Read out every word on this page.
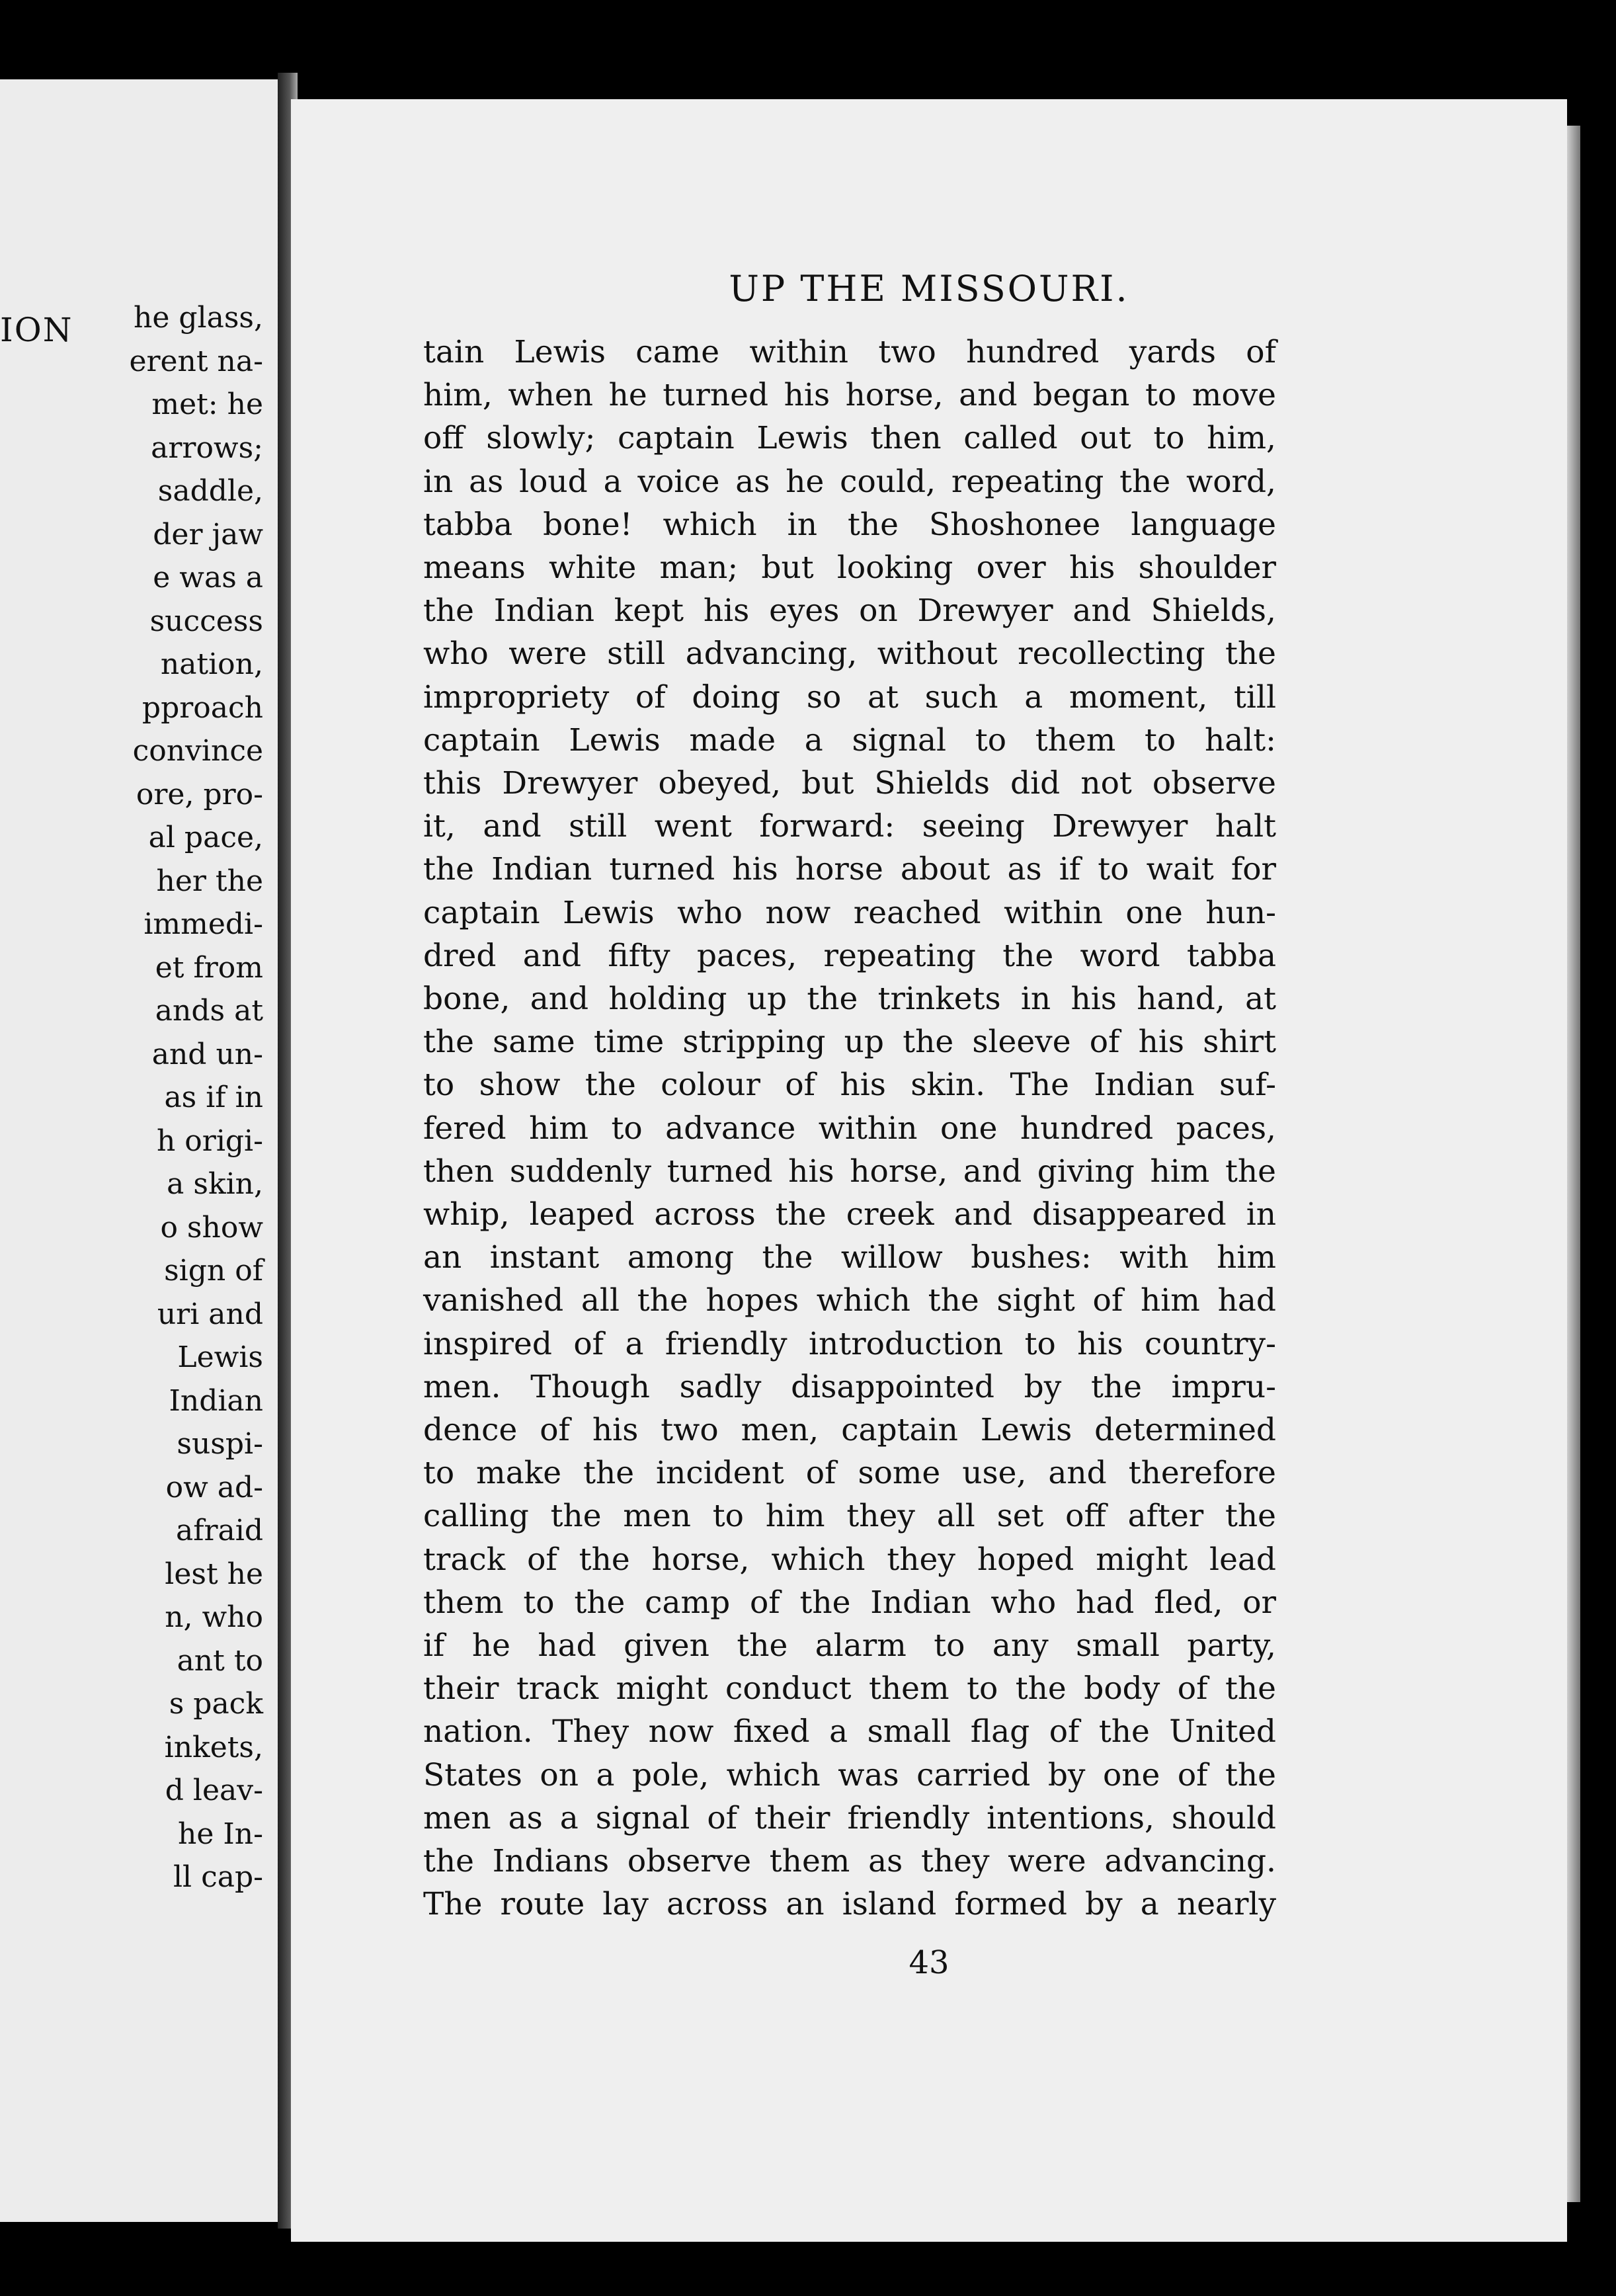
ION he glass,
erent na-
met: he
arrows;
saddle,
der jaw
e was a
success
nation,
pproach
convince
ore, pro-
al pace,
her the
immedi-
et from
ands at
and un-
as if in
h origi-
a skin,
o show
sign of
uri and
Lewis
Indian
suspi-
ow ad-
afraid
lest he
n, who
ant to
s pack
inkets,
d leav-
he In-
ll cap-
UP THE MISSOURI.
tain Lewis came within two hundred yards of
him, when he turned his horse, and began to move
off slowly; captain Lewis then called out to him,
in as loud a voice as he could, repeating the word,
tabba bone! which in the Shoshonee language
means white man; but looking over his shoulder
the Indian kept his eyes on Drewyer and Shields,
who were still advancing, without recollecting the
impropriety of doing so at such a moment, till
captain Lewis made a signal to them to halt:
this Drewyer obeyed, but Shields did not observe
it, and still went forward: seeing Drewyer halt
the Indian turned his horse about as if to wait for
captain Lewis who now reached within one hun-
dred and fifty paces, repeating the word tabba
bone, and holding up the trinkets in his hand, at
the same time stripping up the sleeve of his shirt
to show the colour of his skin. The Indian suf-
fered him to advance within one hundred paces,
then suddenly turned his horse, and giving him the
whip, leaped across the creek and disappeared in
an instant among the willow bushes: with him
vanished all the hopes which the sight of him had
inspired of a friendly introduction to his country-
men. Though sadly disappointed by the impru-
dence of his two men, captain Lewis determined
to make the incident of some use, and therefore
calling the men to him they all set off after the
track of the horse, which they hoped might lead
them to the camp of the Indian who had fled, or
if he had given the alarm to any small party,
their track might conduct them to the body of the
nation. They now fixed a small flag of the United
States on a pole, which was carried by one of the
men as a signal of their friendly intentions, should
the Indians observe them as they were advancing.
The route lay across an island formed by a nearly
43
